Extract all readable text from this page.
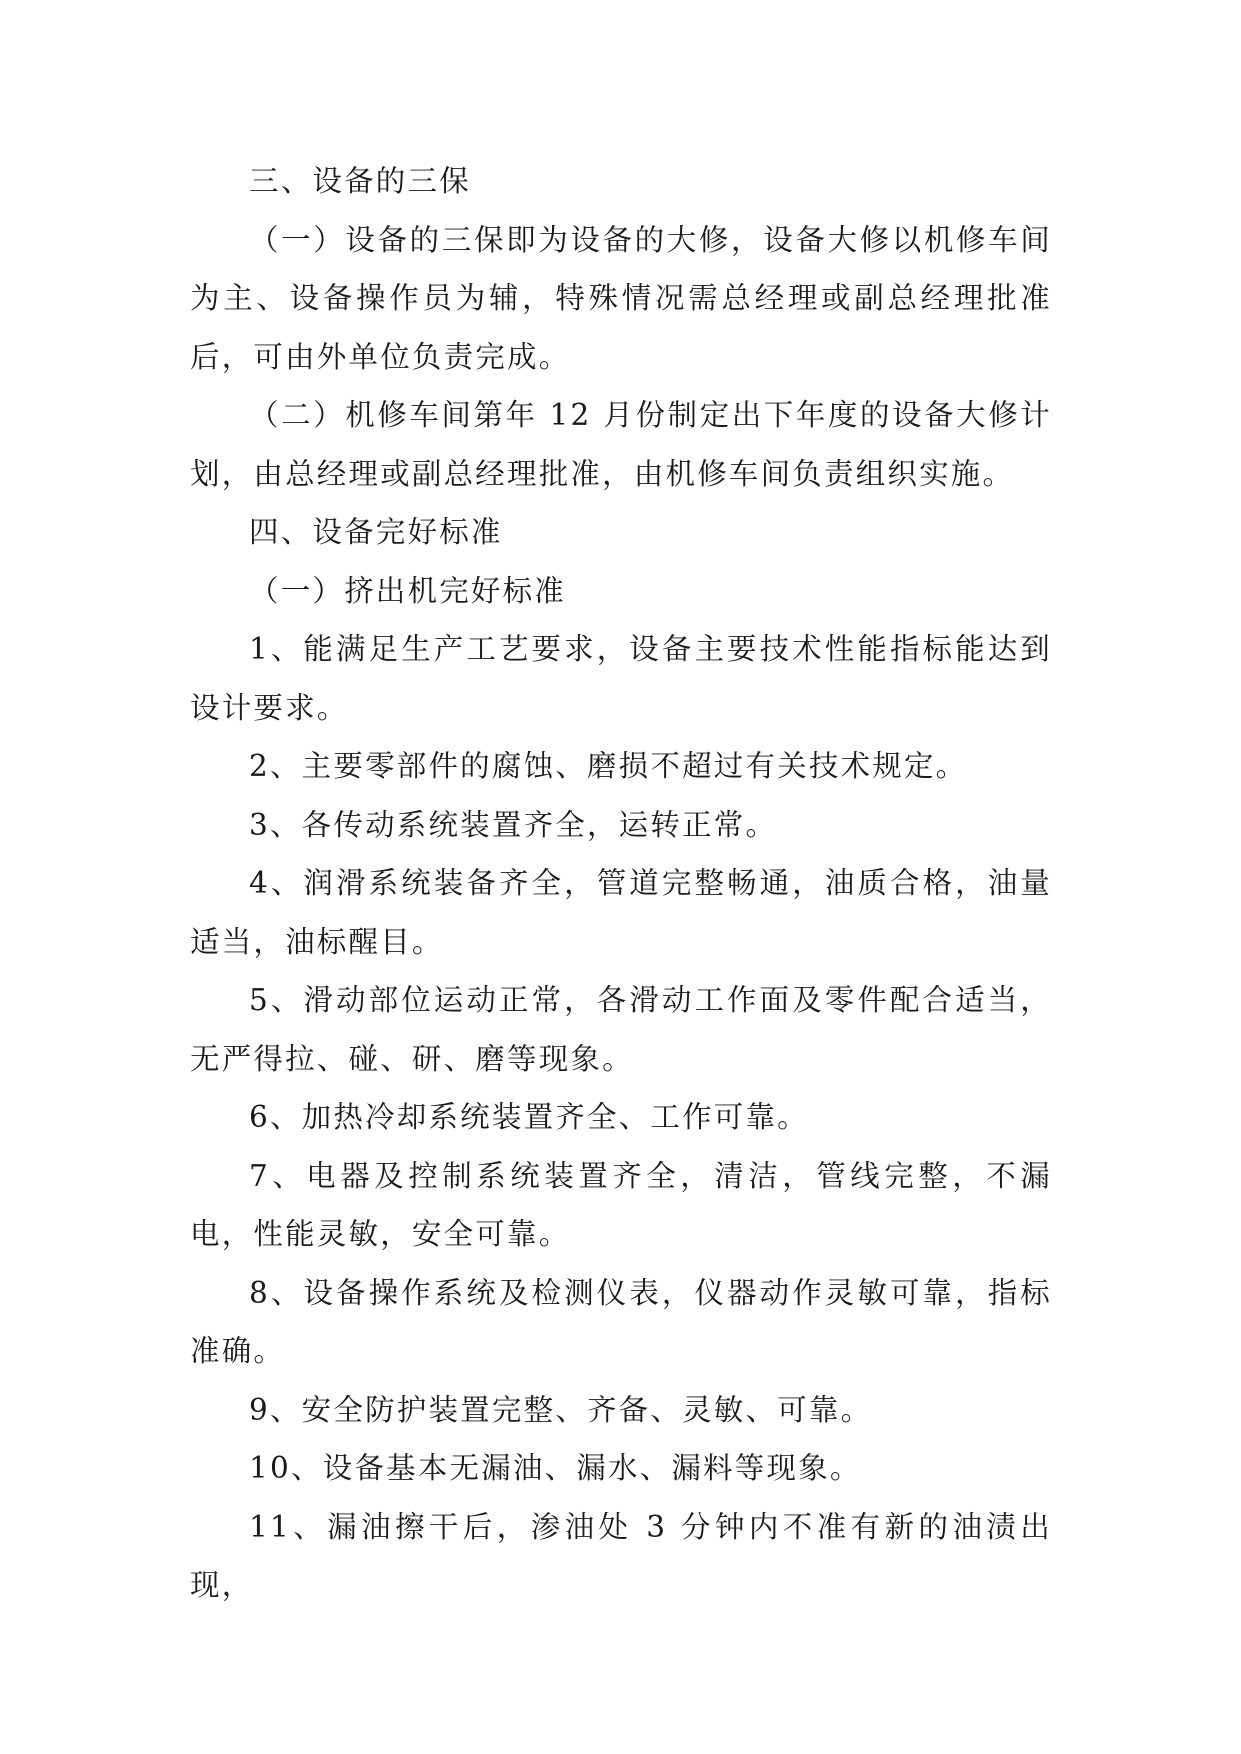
三、设备的三保

（一）设备的三保即为设备的大修，设备大修以机修车间为主、设备操作员为辅，特殊情况需总经理或副总经理批准后，可由外单位负责完成。

（二）机修车间第年 12 月份制定出下年度的设备大修计划，由总经理或副总经理批准，由机修车间负责组织实施。

四、设备完好标准

（一）挤出机完好标准

1、能满足生产工艺要求，设备主要技术性能指标能达到设计要求。

2、主要零部件的腐蚀、磨损不超过有关技术规定。

3、各传动系统装置齐全，运转正常。

4、润滑系统装备齐全，管道完整畅通，油质合格，油量适当，油标醒目。

5、滑动部位运动正常，各滑动工作面及零件配合适当，无严得拉、碰、研、磨等现象。

6、加热冷却系统装置齐全、工作可靠。

7、电器及控制系统装置齐全，清洁，管线完整，不漏电，性能灵敏，安全可靠。

8、设备操作系统及检测仪表，仪器动作灵敏可靠，指标准确。

9、安全防护装置完整、齐备、灵敏、可靠。

10、设备基本无漏油、漏水、漏料等现象。

11、漏油擦干后，渗油处 3 分钟内不准有新的油渍出现，
